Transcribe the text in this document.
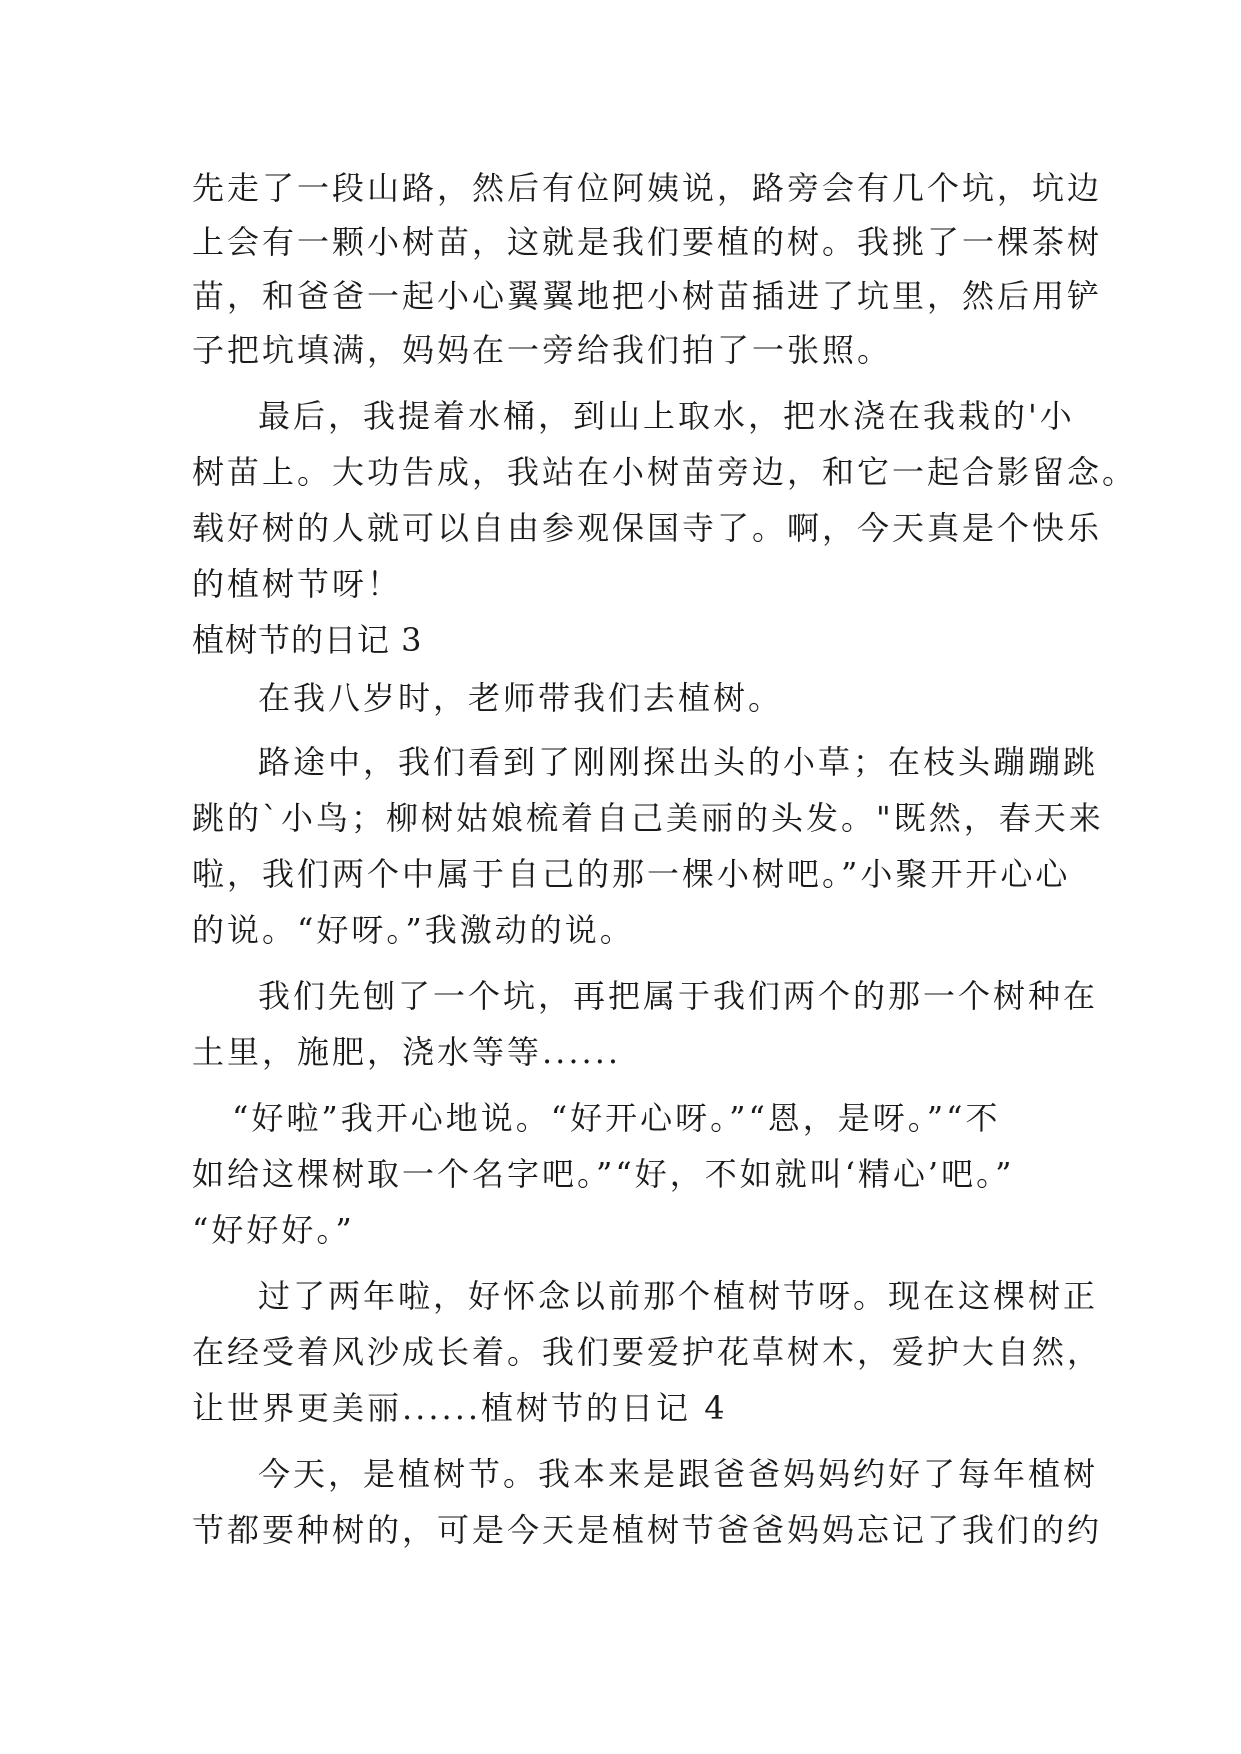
先走了一段山路，然后有位阿姨说，路旁会有几个坑，坑边
上会有一颗小树苗，这就是我们要植的树。我挑了一棵茶树
苗，和爸爸一起小心翼翼地把小树苗插进了坑里，然后用铲
子把坑填满，妈妈在一旁给我们拍了一张照。
最后，我提着水桶，到山上取水，把水浇在我栽的'小
树苗上。大功告成，我站在小树苗旁边，和它一起合影留念。
载好树的人就可以自由参观保国寺了。啊，今天真是个快乐
的植树节呀！
植树节的日记 3
在我八岁时，老师带我们去植树。
路途中，我们看到了刚刚探出头的小草；在枝头蹦蹦跳
跳的`小鸟；柳树姑娘梳着自己美丽的头发。"既然，春天来
啦，我们两个中属于自己的那一棵小树吧。”小聚开开心心
的说。“好呀。”我激动的说。
我们先刨了一个坑，再把属于我们两个的那一个树种在
土里，施肥，浇水等等......
“好啦”我开心地说。“好开心呀。”“恩，是呀。”“不
如给这棵树取一个名字吧。”“好，不如就叫‘精心’吧。”
“好好好。”
过了两年啦，好怀念以前那个植树节呀。现在这棵树正
在经受着风沙成长着。我们要爱护花草树木，爱护大自然，
让世界更美丽......植树节的日记 4
今天，是植树节。我本来是跟爸爸妈妈约好了每年植树
节都要种树的，可是今天是植树节爸爸妈妈忘记了我们的约
